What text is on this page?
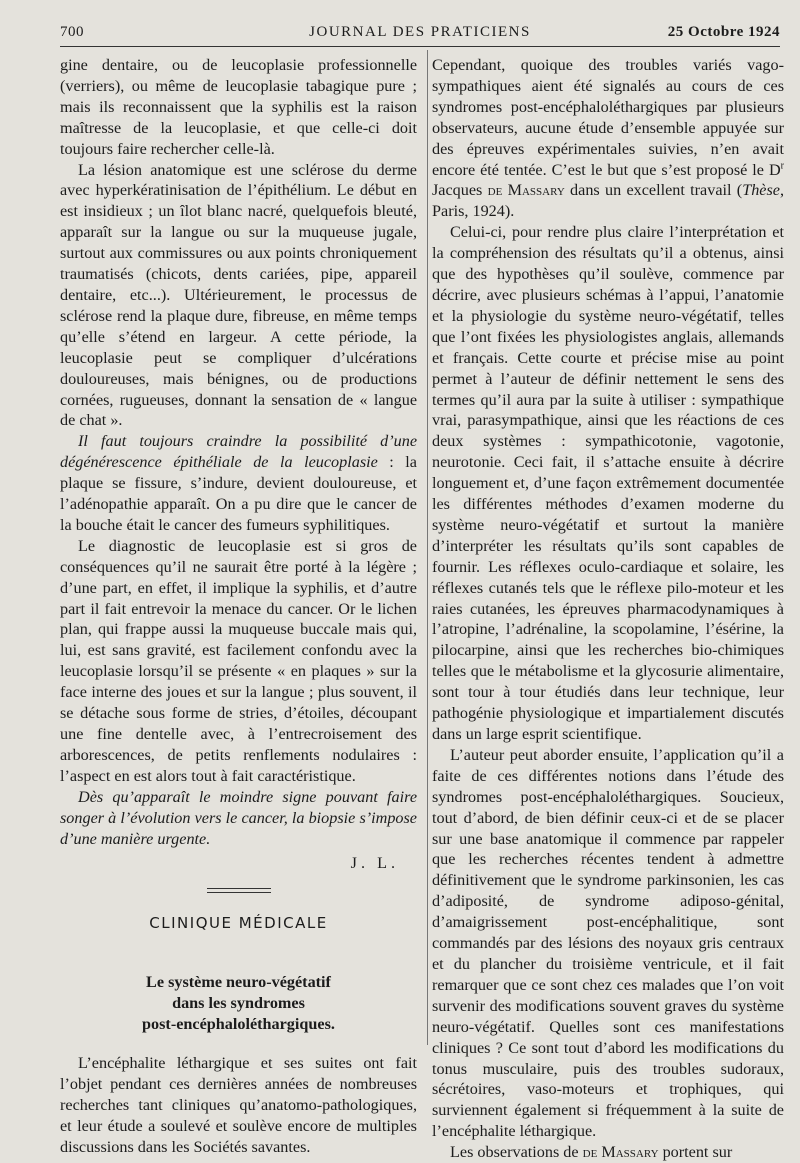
700	JOURNAL DES PRATICIENS	25 Octobre 1924

gine dentaire, ou de leucoplasie professionnelle (verriers), ou même de leucoplasie tabagique pure ; mais ils reconnaissent que la syphilis est la raison maîtresse de la leucoplasie, et que celle-ci doit toujours faire rechercher celle-là.

La lésion anatomique est une sclérose du derme avec hyperkératinisation de l’épithélium. Le début en est insidieux ; un îlot blanc nacré, quelquefois bleuté, apparaît sur la langue ou sur la muqueuse jugale, surtout aux commissures ou aux points chroniquement traumatisés (chicots, dents cariées, pipe, appareil dentaire, etc...). Ultérieurement, le processus de sclérose rend la plaque dure, fibreuse, en même temps qu’elle s’étend en largeur. A cette période, la leucoplasie peut se compliquer d’ulcérations douloureuses, mais bénignes, ou de productions cornées, rugueuses, donnant la sensation de « langue de chat ».

Il faut toujours craindre la possibilité d’une dégénérescence épithéliale de la leucoplasie : la plaque se fissure, s’indure, devient douloureuse, et l’adénopathie apparaît. On a pu dire que le cancer de la bouche était le cancer des fumeurs syphilitiques.

Le diagnostic de leucoplasie est si gros de conséquences qu’il ne saurait être porté à la légère ; d’une part, en effet, il implique la syphilis, et d’autre part il fait entrevoir la menace du cancer. Or le lichen plan, qui frappe aussi la muqueuse buccale mais qui, lui, est sans gravité, est facilement confondu avec la leucoplasie lorsqu’il se présente « en plaques » sur la face interne des joues et sur la langue ; plus souvent, il se détache sous forme de stries, d’étoiles, découpant une fine dentelle avec, à l’entrecroisement des arborescences, de petits renflements nodulaires : l’aspect en est alors tout à fait caractéristique.

Dès qu’apparaît le moindre signe pouvant faire songer à l’évolution vers le cancer, la biopsie s’impose d’une manière urgente.

J. L.

CLINIQUE MÉDICALE

Le système neuro-végétatif
dans les syndromes
post-encéphaloléthargiques.

L’encéphalite léthargique et ses suites ont fait l’objet pendant ces dernières années de nombreuses recherches tant cliniques qu’anatomo-pathologiques, et leur étude a soulevé et soulève encore de multiples discussions dans les Sociétés savantes.

Cependant, quoique des troubles variés vago-sympathiques aient été signalés au cours de ces syndromes post-encéphaloléthargiques par plusieurs observateurs, aucune étude d’ensemble appuyée sur des épreuves expérimentales suivies, n’en avait encore été tentée. C’est le but que s’est proposé le $D^r$ Jacques de Massary dans un excellent travail (Thèse, Paris, 1924).

Celui-ci, pour rendre plus claire l’interprétation et la compréhension des résultats qu’il a obtenus, ainsi que des hypothèses qu’il soulève, commence par décrire, avec plusieurs schémas à l’appui, l’anatomie et la physiologie du système neuro-végétatif, telles que l’ont fixées les physiologistes anglais, allemands et français. Cette courte et précise mise au point permet à l’auteur de définir nettement le sens des termes qu’il aura par la suite à utiliser : sympathique vrai, parasympathique, ainsi que les réactions de ces deux systèmes : sympathicotonie, vagotonie, neurotonie. Ceci fait, il s’attache ensuite à décrire longuement et, d’une façon extrêmement documentée les différentes méthodes d’examen moderne du système neuro-végétatif et surtout la manière d’interpréter les résultats qu’ils sont capables de fournir. Les réflexes oculo-cardiaque et solaire, les réflexes cutanés tels que le réflexe pilo-moteur et les raies cutanées, les épreuves pharmacodynamiques à l’atropine, l’adrénaline, la scopolamine, l’ésérine, la pilocarpine, ainsi que les recherches bio-chimiques telles que le métabolisme et la glycosurie alimentaire, sont tour à tour étudiés dans leur technique, leur pathogénie physiologique et impartialement discutés dans un large esprit scientifique.

L’auteur peut aborder ensuite, l’application qu’il a faite de ces différentes notions dans l’étude des syndromes post-encéphaloléthargiques. Soucieux, tout d’abord, de bien définir ceux-ci et de se placer sur une base anatomique il commence par rappeler que les recherches récentes tendent à admettre définitivement que le syndrome parkinsonien, les cas d’adiposité, de syndrome adiposo-génital, d’amaigrissement post-encéphalitique, sont commandés par des lésions des noyaux gris centraux et du plancher du troisième ventricule, et il fait remarquer que ce sont chez ces malades que l’on voit survenir des modifications souvent graves du système neuro-végétatif. Quelles sont ces manifestations cliniques ? Ce sont tout d’abord les modifications du tonus musculaire, puis des troubles sudoraux, sécrétoires, vaso-moteurs et trophiques, qui surviennent également si fréquemment à la suite de l’encéphalite léthargique.

Les observations de de Massary portent sur
